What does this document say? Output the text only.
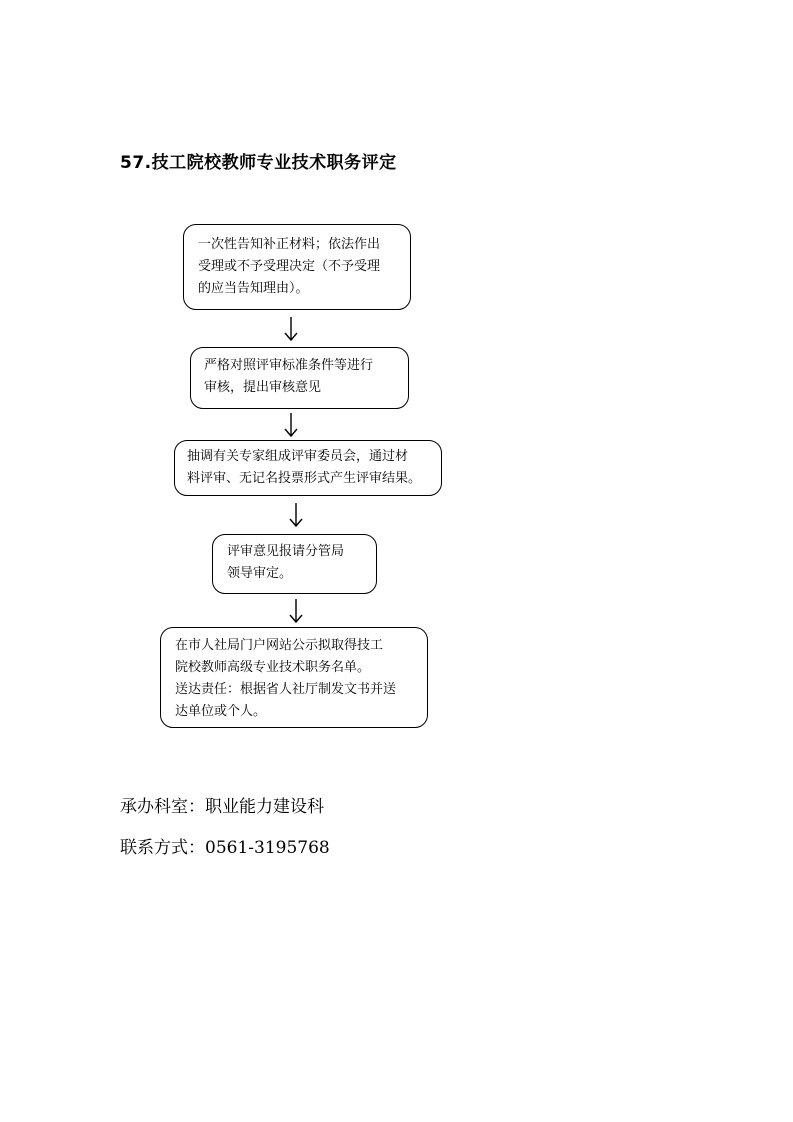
57.技工院校教师专业技术职务评定
一次性告知补正材料；依法作出
受理或不予受理决定（不予受理
的应当告知理由）。
严格对照评审标准条件等进行
审核，提出审核意见
抽调有关专家组成评审委员会，通过材
料评审、无记名投票形式产生评审结果。
评审意见报请分管局
领导审定。
在市人社局门户网站公示拟取得技工
院校教师高级专业技术职务名单。
送达责任：根据省人社厅制发文书并送
达单位或个人。
承办科室：职业能力建设科
联系方式：0561-3195768
